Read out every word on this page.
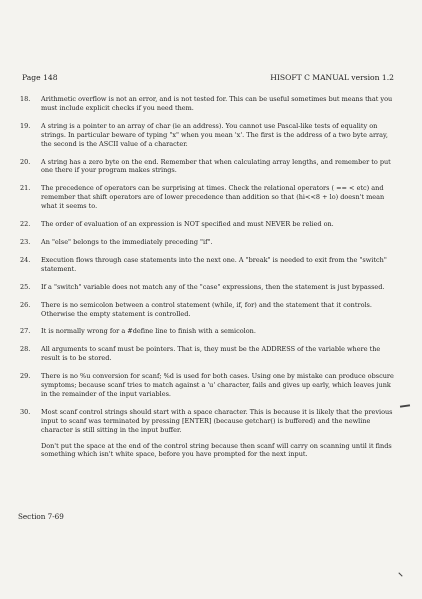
Page 148	HISOFT C MANUAL version 1.2
18.	Arithmetic overflow is not an error, and is not tested for. This can be useful sometimes but means that you must include explicit checks if you need them.

19.	A string is a pointer to an array of char (ie an address). You cannot use Pascal-like tests of equality on strings. In particular beware of typing "x" when you mean 'x'. The first is the address of a two byte array, the second is the ASCII value of a character.

20.	A string has a zero byte on the end. Remember that when calculating array lengths, and remember to put one there if your program makes strings.

21.	The precedence of operators can be surprising at times. Check the relational operators ( == < etc) and remember that shift operators are of lower precedence than addition so that (hi<<8 + lo) doesn't mean what it seems to.

22.	The order of evaluation of an expression is NOT specified and must NEVER be relied on.

23.	An "else" belongs to the immediately preceding "if".

24.	Execution flows through case statements into the next one. A "break" is needed to exit from the "switch" statement.

25.	If a "switch" variable does not match any of the "case" expressions, then the statement is just bypassed.

26.	There is no semicolon between a control statement (while, if, for) and the statement that it controls. Otherwise the empty statement is controlled.

27.	It is normally wrong for a #define line to finish with a semicolon.

28.	All arguments to scanf must be pointers. That is, they must be the ADDRESS of the variable where the result is to be stored.

29.	There is no %u conversion for scanf; %d is used for both cases. Using one by mistake can produce obscure symptoms; because scanf tries to match against a 'u' character, fails and gives up early, which leaves junk in the remainder of the input variables.

30.	Most scanf control strings should start with a space character. This is because it is likely that the previous input to scanf was terminated by pressing [ENTER] (because getchar() is buffered) and the newline character is still sitting in the input buffer.

Don't put the space at the end of the control string because then scanf will carry on scanning until it finds something which isn't white space, before you have prompted for the next input.

Section 7-69
